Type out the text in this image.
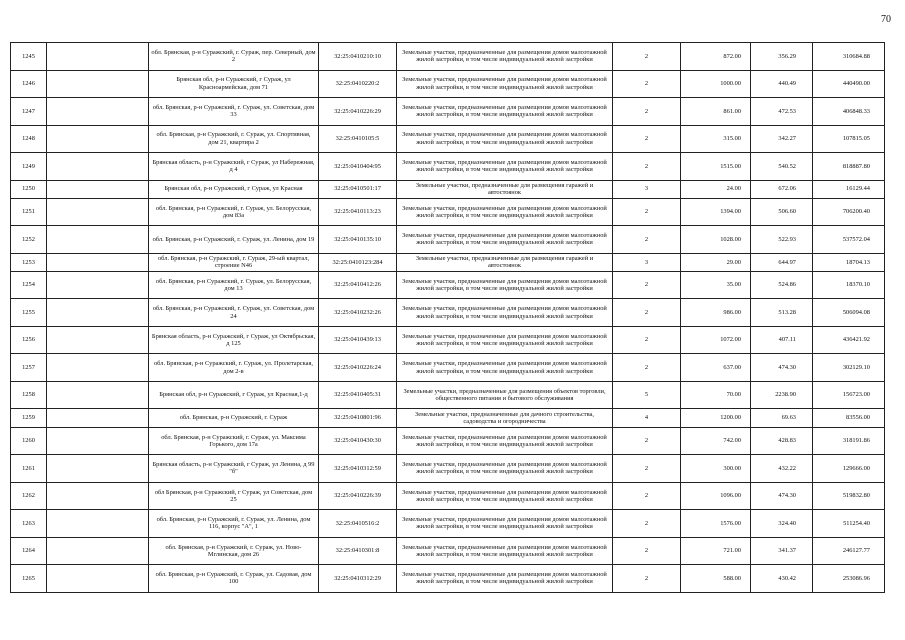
70
1245		обл. Брянская, р-н Суражский, г. Сураж, пер. Северный, дом 2	32:25:0410210:10	Земельные участки, предназначенные для размещения домов малоэтажной жилой застройки, в том числе индивидуальной жилой застройки	2	872.00	356.29	310684.88
1246		Брянская обл, р-н Суражский, г Сураж, ул Красноармейская, дом 71	32:25:0410220:2	Земельные участки, предназначенные для размещения домов малоэтажной жилой застройки, в том числе индивидуальной жилой застройки	2	1000.00	440.49	440490.00
1247		обл. Брянская, р-н Суражский, г. Сураж, ул. Советская, дом 33	32:25:0410226:29	Земельные участки, предназначенные для размещения домов малоэтажной жилой застройки, в том числе индивидуальной жилой застройки	2	861.00	472.53	406848.33
1248		обл. Брянская, р-н Суражский, г. Сураж, ул. Спортивная, дом 21, квартира 2	32:25:0410105:5	Земельные участки, предназначенные для размещения домов малоэтажной жилой застройки, в том числе индивидуальной жилой застройки	2	315.00	342.27	107815.05
1249		Брянская область, р-н Суражский, г Сураж, ул Набережная, д 4	32:25:0410404:95	Земельные участки, предназначенные для размещения домов малоэтажной жилой застройки, в том числе индивидуальной жилой застройки	2	1515.00	540.52	818887.80
1250		Брянская обл, р-н Суражский, г Сураж, ул Красная	32:25:0410501:17	Земельные участки, предназначенные для размещения гаражей и автостоянок	3	24.00	672.06	16129.44
1251		обл. Брянская, р-н Суражский, г. Сураж, ул. Белорусская, дом 83а	32:25:0410113:23	Земельные участки, предназначенные для размещения домов малоэтажной жилой застройки, в том числе индивидуальной жилой застройки	2	1394.00	506.60	706200.40
1252		обл. Брянская, р-н Суражский, г. Сураж, ул. Ленина, дом 19	32:25:0410135:10	Земельные участки, предназначенные для размещения домов малоэтажной жилой застройки, в том числе индивидуальной жилой застройки	2	1028.00	522.93	537572.04
1253		обл. Брянская, р-н Суражский, г. Сураж, 29-ый квартал, строение N46	32:25:0410123:284	Земельные участки, предназначенные для размещения гаражей и автостоянок	3	29.00	644.97	18704.13
1254		обл. Брянская, р-н Суражский, г. Сураж, ул. Белорусская, дом 13	32:25:0410412:26	Земельные участки, предназначенные для размещения домов малоэтажной жилой застройки, в том числе индивидуальной жилой застройки	2	35.00	524.86	18370.10
1255		обл. Брянская, р-н Суражский, г. Сураж, ул. Советская, дом 24	32:25:0410232:26	Земельные участки, предназначенные для размещения домов малоэтажной жилой застройки, в том числе индивидуальной жилой застройки	2	986.00	513.28	506094.08
1256		Брянская область, р-н Суражский, г Сураж, ул Октябрьская, д 125	32:25:0410439:13	Земельные участки, предназначенные для размещения домов малоэтажной жилой застройки, в том числе индивидуальной жилой застройки	2	1072.00	407.11	436421.92
1257		обл. Брянская, р-н Суражский, г. Сураж, ул. Пролетарская, дом 2-в	32:25:0410226:24	Земельные участки, предназначенные для размещения домов малоэтажной жилой застройки, в том числе индивидуальной жилой застройки	2	637.00	474.30	302129.10
1258		Брянская обл, р-н Суражский, г Сураж, ул Красная,1-д	32:25:0410405:31	Земельные участки, предназначенные для размещения объектов торговли, общественного питания и бытового обслуживания	5	70.00	2238.90	156723.00
1259		обл. Брянская, р-н Суражский, г. Сураж	32:25:0410801:96	Земельные участки, предназначенные для дачного строительства, садоводства и огородничества	4	1200.00	69.63	83556.00
1260		обл. Брянская, р-н Суражский, г. Сураж, ул. Максима Горького, дом 17а	32:25:0410430:30	Земельные участки, предназначенные для размещения домов малоэтажной жилой застройки, в том числе индивидуальной жилой застройки	2	742.00	428.83	318191.86
1261		Брянская область, р-н Суражский, г Сураж, ул Ленина, д 99 "б"	32:25:0410312:59	Земельные участки, предназначенные для размещения домов малоэтажной жилой застройки, в том числе индивидуальной жилой застройки	2	300.00	432.22	129666.00
1262		обл Брянская, р-н Суражский, г Сураж, ул Советская, дом 25	32:25:0410226:39	Земельные участки, предназначенные для размещения домов малоэтажной жилой застройки, в том числе индивидуальной жилой застройки	2	1096.00	474.30	519832.80
1263		обл. Брянская, р-н Суражский, г. Сураж, ул. Ленина, дом 116, корпус "А", 1	32:25:0410516:2	Земельные участки, предназначенные для размещения домов малоэтажной жилой застройки, в том числе индивидуальной жилой застройки	2	1576.00	324.40	511254.40
1264		обл. Брянская, р-н Суражский, г. Сураж, ул. Ново-Мглинская, дом 26	32:25:0410301:8	Земельные участки, предназначенные для размещения домов малоэтажной жилой застройки, в том числе индивидуальной жилой застройки	2	721.00	341.37	246127.77
1265		обл. Брянская, р-н Суражский, г. Сураж, ул. Садовая, дом 100	32:25:0410312:29	Земельные участки, предназначенные для размещения домов малоэтажной жилой застройки, в том числе индивидуальной жилой застройки	2	588.00	430.42	253086.96
